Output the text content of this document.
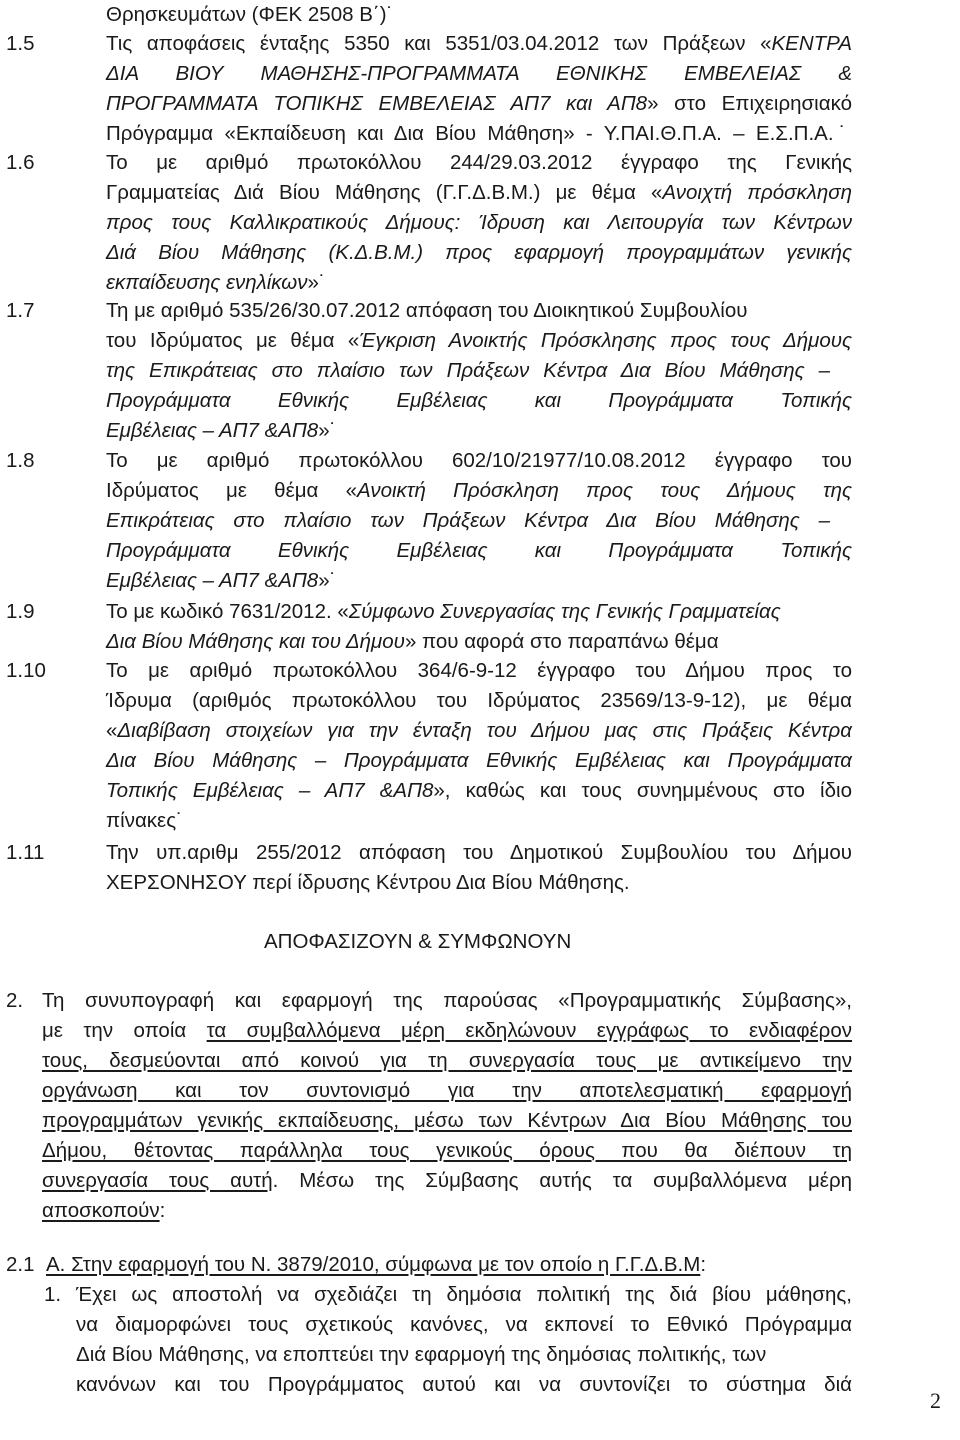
Θρησκευμάτων (ΦΕΚ 2508 Β΄)˙
1.5	Τις αποφάσεις ένταξης 5350 και 5351/03.04.2012 των Πράξεων «ΚΕΝΤΡΑ
ΔΙΑ ΒΙΟΥ ΜΑΘΗΣΗΣ-ΠΡΟΓΡΑΜΜΑΤΑ ΕΘΝΙΚΗΣ ΕΜΒΕΛΕΙΑΣ &
ΠΡΟΓΡΑΜΜΑΤΑ ΤΟΠΙΚΗΣ ΕΜΒΕΛΕΙΑΣ ΑΠ7 και ΑΠ8» στο Επιχειρησιακό
Πρόγραμμα «Εκπαίδευση και Δια Βίου Μάθηση» - Υ.ΠΑΙ.Θ.Π.Α. – Ε.Σ.Π.Α.˙
1.6	Το με αριθμό πρωτοκόλλου 244/29.03.2012 έγγραφο της Γενικής
Γραμματείας Διά Βίου Μάθησης (Γ.Γ.Δ.Β.Μ.) με θέμα «Ανοιχτή πρόσκληση
προς τους Καλλικρατικούς Δήμους: Ίδρυση και Λειτουργία των Κέντρων
Διά Βίου Μάθησης (Κ.Δ.Β.Μ.) προς εφαρμογή προγραμμάτων γενικής
εκπαίδευσης ενηλίκων»˙
1.7	Τη με αριθμό 535/26/30.07.2012 απόφαση του Διοικητικού Συμβουλίου
του Ιδρύματος με θέμα «Έγκριση Ανοικτής Πρόσκλησης προς τους Δήμους
της Επικράτειας στο πλαίσιο των Πράξεων Κέντρα Δια Βίου Μάθησης –
Προγράμματα Εθνικής Εμβέλειας και Προγράμματα Τοπικής
Εμβέλειας – ΑΠ7 &ΑΠ8»˙
1.8	Το με αριθμό πρωτοκόλλου 602/10/21977/10.08.2012 έγγραφο του
Ιδρύματος με θέμα «Ανοικτή Πρόσκληση προς τους Δήμους της
Επικράτειας στο πλαίσιο των Πράξεων Κέντρα Δια Βίου Μάθησης –
Προγράμματα Εθνικής Εμβέλειας και Προγράμματα Τοπικής
Εμβέλειας – ΑΠ7 &ΑΠ8»˙
1.9	Το με κωδικό 7631/2012. «Σύμφωνο Συνεργασίας της Γενικής Γραμματείας
Δια Βίου Μάθησης και του Δήμου» που αφορά στο παραπάνω θέμα
1.10	Το με αριθμό πρωτοκόλλου 364/6-9-12 έγγραφο του Δήμου προς το
Ίδρυμα (αριθμός πρωτοκόλλου του Ιδρύματος 23569/13-9-12), με θέμα
«Διαβίβαση στοιχείων για την ένταξη του Δήμου μας στις Πράξεις Κέντρα
Δια Βίου Μάθησης – Προγράμματα Εθνικής Εμβέλειας και Προγράμματα
Τοπικής Εμβέλειας – ΑΠ7 &ΑΠ8», καθώς και τους συνημμένους στο ίδιο
πίνακες˙
1.11	Την υπ.αριθμ 255/2012 απόφαση του Δημοτικού Συμβουλίου του Δήμου
ΧΕΡΣΟΝΗΣΟΥ περί ίδρυσης Κέντρου Δια Βίου Μάθησης.
ΑΠΟΦΑΣΙΖΟΥΝ & ΣΥΜΦΩΝΟΥΝ
2. Τη συνυπογραφή και εφαρμογή της παρούσας «Προγραμματικής Σύμβασης»,
με την οποία τα συμβαλλόμενα μέρη εκδηλώνουν εγγράφως το ενδιαφέρον
τους, δεσμεύονται από κοινού για τη συνεργασία τους με αντικείμενο την
οργάνωση και τον συντονισμό για την αποτελεσματική εφαρμογή
προγραμμάτων γενικής εκπαίδευσης, μέσω των Κέντρων Δια Βίου Μάθησης του
Δήμου, θέτοντας παράλληλα τους γενικούς όρους που θα διέπουν τη
συνεργασία τους αυτή. Μέσω της Σύμβασης αυτής τα συμβαλλόμενα μέρη
αποσκοπούν:
2.1 Α. Στην εφαρμογή του Ν. 3879/2010, σύμφωνα με τον οποίο η Γ.Γ.Δ.Β.Μ:
1. Έχει ως αποστολή να σχεδιάζει τη δημόσια πολιτική της διά βίου μάθησης,
να διαμορφώνει τους σχετικούς κανόνες, να εκπονεί το Εθνικό Πρόγραμμα
Διά Βίου Μάθησης, να εποπτεύει την εφαρμογή της δημόσιας πολιτικής, των
κανόνων και του Προγράμματος αυτού και να συντονίζει το σύστημα διά
2
